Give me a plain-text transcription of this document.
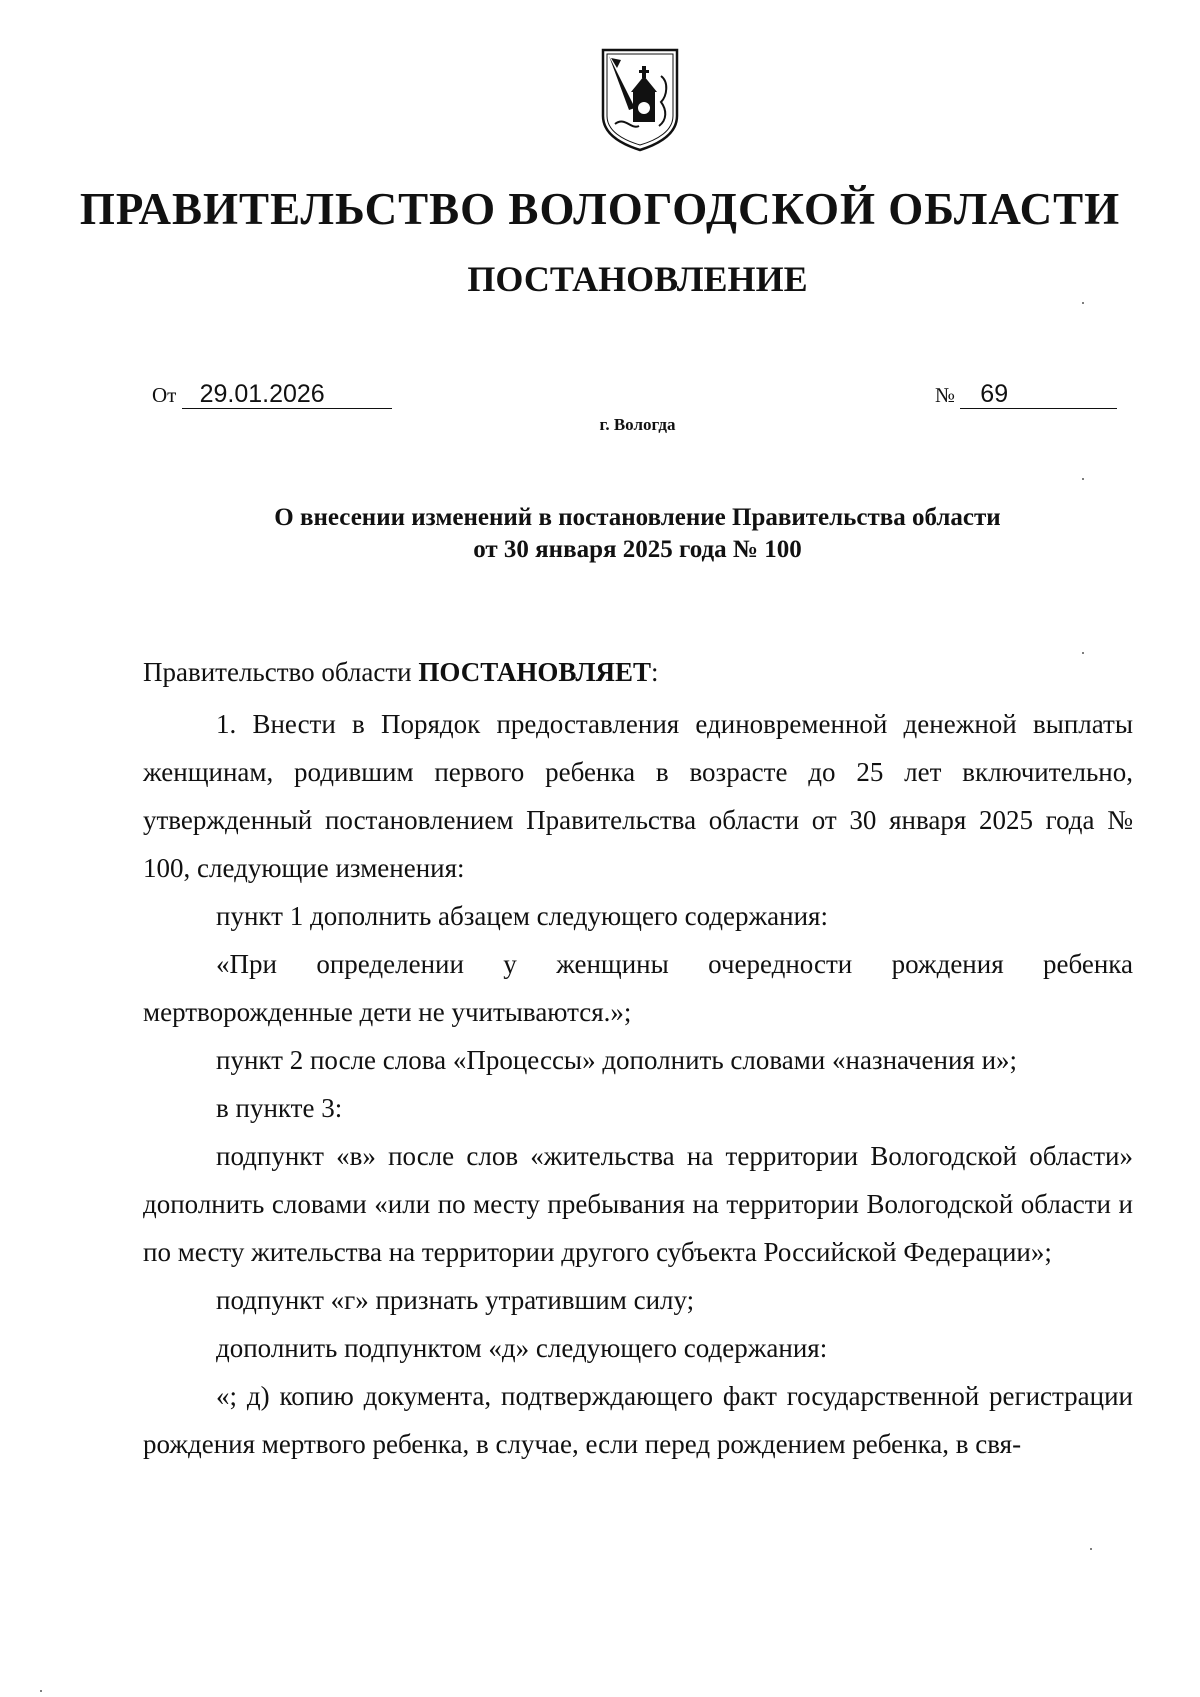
ПРАВИТЕЛЬСТВО ВОЛОГОДСКОЙ ОБЛАСТИ
ПОСТАНОВЛЕНИЕ
От 29.01.2026	№ 69
г. Вологда
О внесении изменений в постановление Правительства области
от 30 января 2025 года № 100

Правительство области ПОСТАНОВЛЯЕТ:

1. Внести в Порядок предоставления единовременной денежной выплаты женщинам, родившим первого ребенка в возрасте до 25 лет включительно, утвержденный постановлением Правительства области от 30 января 2025 года № 100, следующие изменения:

пункт 1 дополнить абзацем следующего содержания:

«При определении у женщины очередности рождения ребенка мертворожденные дети не учитываются.»;

пункт 2 после слова «Процессы» дополнить словами «назначения и»;

в пункте 3:

подпункт «в» после слов «жительства на территории Вологодской области» дополнить словами «или по месту пребывания на территории Вологодской области и по месту жительства на территории другого субъекта Российской Федерации»;

подпункт «г» признать утратившим силу;

дополнить подпунктом «д» следующего содержания:

«; д) копию документа, подтверждающего факт государственной регистрации рождения мертвого ребенка, в случае, если перед рождением ребенка, в свя-
